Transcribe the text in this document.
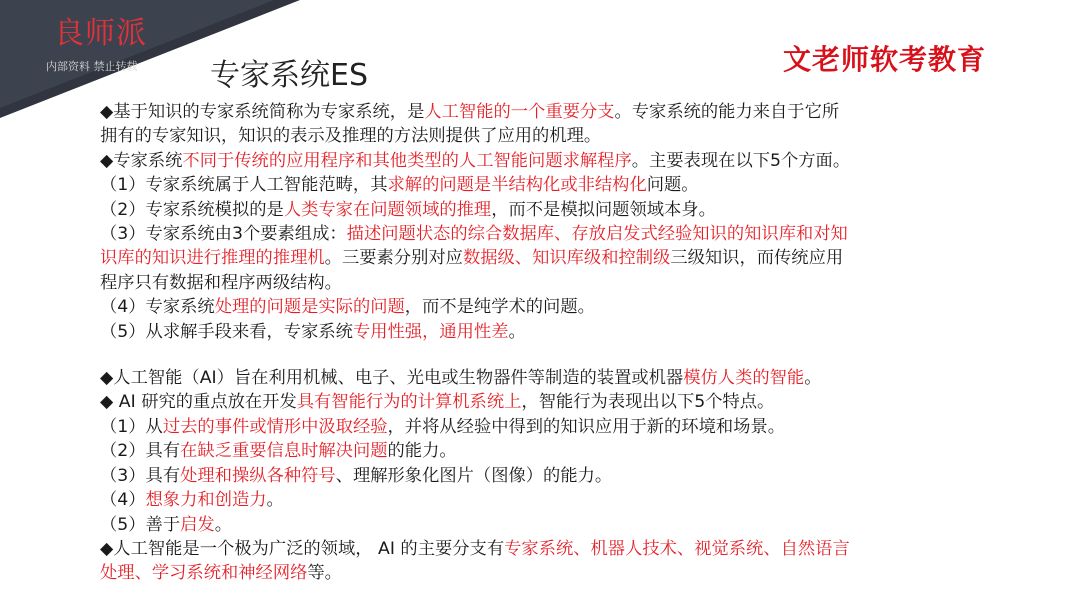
良师派
内部资料 禁止转载 专家系统ES	文老师软考教育
◆基于知识的专家系统简称为专家系统，是人工智能的一个重要分支。专家系统的能力来自于它所
拥有的专家知识，知识的表示及推理的方法则提供了应用的机理。
◆专家系统不同于传统的应用程序和其他类型的人工智能问题求解程序。主要表现在以下5个方面。
（1）专家系统属于人工智能范畴，其求解的问题是半结构化或非结构化问题。
（2）专家系统模拟的是人类专家在问题领域的推理，而不是模拟问题领域本身。
（3）专家系统由3个要素组成：描述问题状态的综合数据库、存放启发式经验知识的知识库和对知
识库的知识进行推理的推理机。三要素分别对应数据级、知识库级和控制级三级知识，而传统应用
程序只有数据和程序两级结构。
（4）专家系统处理的问题是实际的问题，而不是纯学术的问题。
（5）从求解手段来看，专家系统专用性强，通用性差。
◆人工智能（AI）旨在利用机械、电子、光电或生物器件等制造的装置或机器模仿人类的智能。
◆ AI 研究的重点放在开发具有智能行为的计算机系统上，智能行为表现出以下5个特点。
（1）从过去的事件或情形中汲取经验，并将从经验中得到的知识应用于新的环境和场景。
（2）具有在缺乏重要信息时解决问题的能力。
（3）具有处理和操纵各种符号、理解形象化图片（图像）的能力。
（4）想象力和创造力。
（5）善于启发。
◆人工智能是一个极为广泛的领域， AI 的主要分支有专家系统、机器人技术、视觉系统、自然语言
处理、学习系统和神经网络等。
